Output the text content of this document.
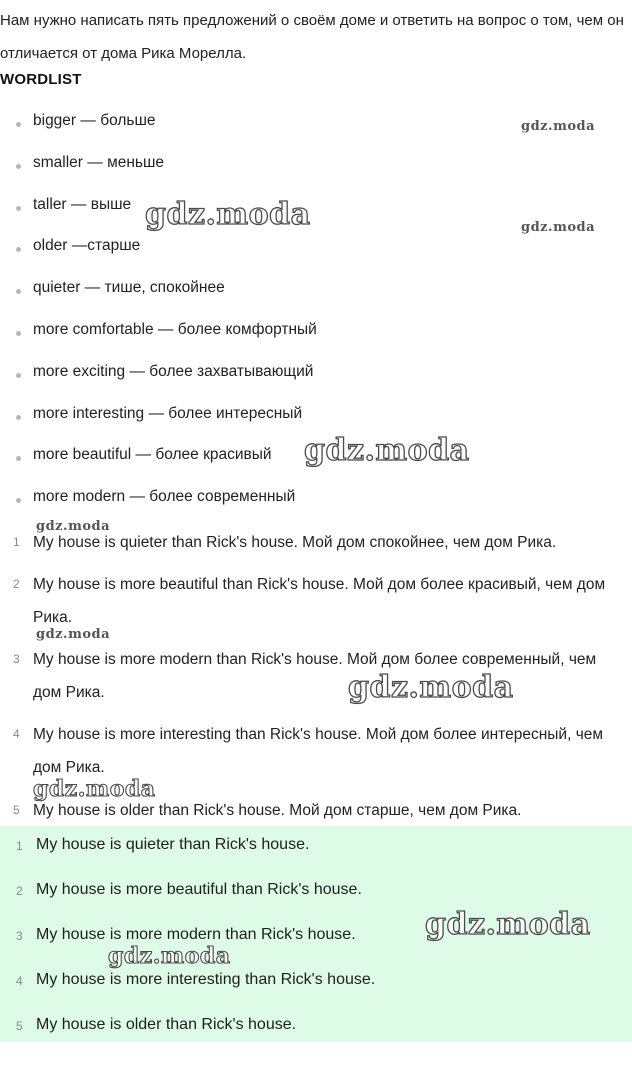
Нам нужно написать пять предложений о своём доме и ответить на вопрос о том, чем он отличается от дома Рика Морелла.
WORDLIST
bigger — больше
smaller — меньше
taller — выше
older —старше
quieter — тише, спокойнее
more comfortable — более комфортный
more exciting — более захватывающий
more interesting — более интересный
more beautiful — более красивый
more modern — более современный
1 My house is quieter than Rick's house. Мой дом спокойнее, чем дом Рика.
2 My house is more beautiful than Rick's house. Мой дом более красивый, чем дом Рика.
3 My house is more modern than Rick's house. Мой дом более современный, чем дом Рика.
4 My house is more interesting than Rick's house. Мой дом более интересный, чем дом Рика.
5 My house is older than Rick's house. Мой дом старше, чем дом Рика.
1 My house is quieter than Rick's house.
2 My house is more beautiful than Rick's house.
3 My house is more modern than Rick's house.
4 My house is more interesting than Rick's house.
5 My house is older than Rick's house.
gdz.moda
gdz.moda
gdz.moda
gdz.moda
gdz.moda
gdz.moda
gdz.moda
gdz.moda
gdz.moda
gdz.moda
